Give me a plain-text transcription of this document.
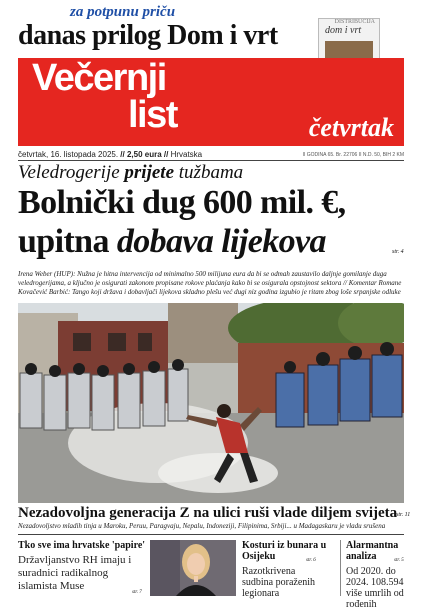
za potpunu priču
danas prilog Dom i vrt	dom i vrt
DISTRIBUCIJA
Večernji
list	četvrtak
četvrtak, 16. listopada 2025. // 2,50 eura // Hrvatska	II GODINA 65. Br. 22706 II N.D. 50, BIH 2 KM
Veledrogerije prijete tužbama
Bolnički dug 600 mil. €,
upitna dobava lijekova	str. 4
Irena Weber (HUP): Nužna je hitna intervencija od minimalno 500 milijuna eura da bi se odmah zaustavilo daljnje gomilanje duga veledrogerijama, a ključno je osigurati zakonom propisane rokove plaćanja kako bi se osigurala opstojnost sektora // Komentar Romane Kovačević Barbić: Tango koji država i dobavljači lijekova skladno plešu već dugi niz godina izgubio je ritam zbog loše srpanjske odluke
Nezadovoljna generacija Z na ulici ruši vlade diljem svijeta
str. 11
Nezadovoljstvo mladih tinja u Maroku, Peruu, Paragvaju, Nepalu, Indoneziji, Filipinima, Srbiji... u Madagaskaru je vladu srušena
Tko sve ima hrvatske 'papire'
Državljanstvo RH imaju i suradnici radikalnog islamista Muse
str. 7
Kosturi iz bunara u Osijeku	str. 6
Razotkrivena sudbina poraženih legionara
Alarmantna analiza	str. 5
Od 2020. do 2024. 108.594 više umrlih od rođenih
